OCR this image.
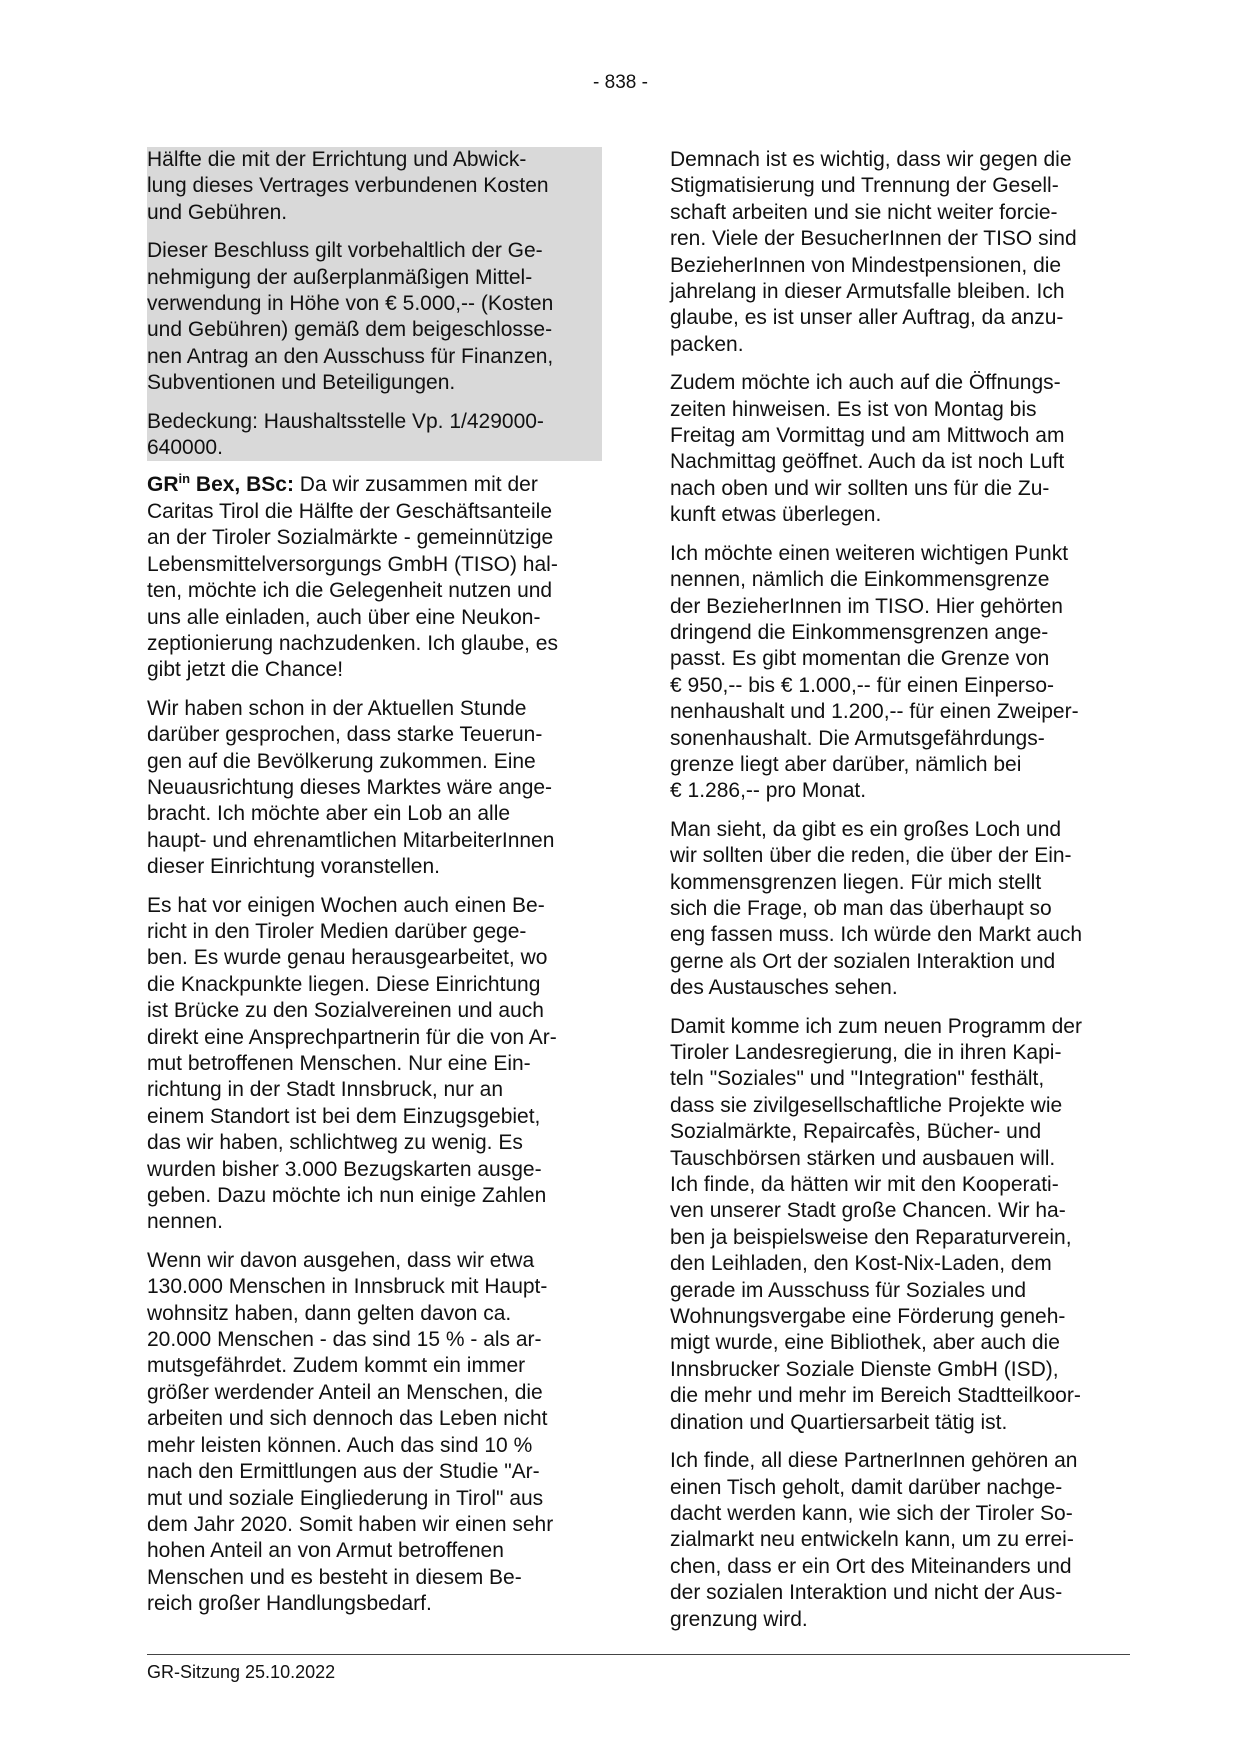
- 838 -

Hälfte die mit der Errichtung und Abwick-
lung dieses Vertrages verbundenen Kosten
und Gebühren.

Dieser Beschluss gilt vorbehaltlich der Ge-
nehmigung der außerplanmäßigen Mittel-
verwendung in Höhe von € 5.000,-- (Kosten
und Gebühren) gemäß dem beigeschlosse-
nen Antrag an den Ausschuss für Finanzen,
Subventionen und Beteiligungen.

Bedeckung: Haushaltsstelle Vp. 1/429000-
640000.

$GR^{in}$ Bex, BSc: Da wir zusammen mit der
Caritas Tirol die Hälfte der Geschäftsanteile
an der Tiroler Sozialmärkte - gemeinnützige
Lebensmittelversorgungs GmbH (TISO) hal-
ten, möchte ich die Gelegenheit nutzen und
uns alle einladen, auch über eine Neukon-
zeptionierung nachzudenken. Ich glaube, es
gibt jetzt die Chance!

Wir haben schon in der Aktuellen Stunde
darüber gesprochen, dass starke Teuerun-
gen auf die Bevölkerung zukommen. Eine
Neuausrichtung dieses Marktes wäre ange-
bracht. Ich möchte aber ein Lob an alle
haupt- und ehrenamtlichen MitarbeiterInnen
dieser Einrichtung voranstellen.

Es hat vor einigen Wochen auch einen Be-
richt in den Tiroler Medien darüber gege-
ben. Es wurde genau herausgearbeitet, wo
die Knackpunkte liegen. Diese Einrichtung
ist Brücke zu den Sozialvereinen und auch
direkt eine Ansprechpartnerin für die von Ar-
mut betroffenen Menschen. Nur eine Ein-
richtung in der Stadt Innsbruck, nur an
einem Standort ist bei dem Einzugsgebiet,
das wir haben, schlichtweg zu wenig. Es
wurden bisher 3.000 Bezugskarten ausge-
geben. Dazu möchte ich nun einige Zahlen
nennen.

Wenn wir davon ausgehen, dass wir etwa
130.000 Menschen in Innsbruck mit Haupt-
wohnsitz haben, dann gelten davon ca.
20.000 Menschen - das sind 15 % - als ar-
mutsgefährdet. Zudem kommt ein immer
größer werdender Anteil an Menschen, die
arbeiten und sich dennoch das Leben nicht
mehr leisten können. Auch das sind 10 %
nach den Ermittlungen aus der Studie "Ar-
mut und soziale Eingliederung in Tirol" aus
dem Jahr 2020. Somit haben wir einen sehr
hohen Anteil an von Armut betroffenen
Menschen und es besteht in diesem Be-
reich großer Handlungsbedarf.

Demnach ist es wichtig, dass wir gegen die
Stigmatisierung und Trennung der Gesell-
schaft arbeiten und sie nicht weiter forcie-
ren. Viele der BesucherInnen der TISO sind
BezieherInnen von Mindestpensionen, die
jahrelang in dieser Armutsfalle bleiben. Ich
glaube, es ist unser aller Auftrag, da anzu-
packen.

Zudem möchte ich auch auf die Öffnungs-
zeiten hinweisen. Es ist von Montag bis
Freitag am Vormittag und am Mittwoch am
Nachmittag geöffnet. Auch da ist noch Luft
nach oben und wir sollten uns für die Zu-
kunft etwas überlegen.

Ich möchte einen weiteren wichtigen Punkt
nennen, nämlich die Einkommensgrenze
der BezieherInnen im TISO. Hier gehörten
dringend die Einkommensgrenzen ange-
passt. Es gibt momentan die Grenze von
€ 950,-- bis € 1.000,-- für einen Einperso-
nenhaushalt und 1.200,-- für einen Zweiper-
sonenhaushalt. Die Armutsgefährdungs-
grenze liegt aber darüber, nämlich bei
€ 1.286,-- pro Monat.

Man sieht, da gibt es ein großes Loch und
wir sollten über die reden, die über der Ein-
kommensgrenzen liegen. Für mich stellt
sich die Frage, ob man das überhaupt so
eng fassen muss. Ich würde den Markt auch
gerne als Ort der sozialen Interaktion und
des Austausches sehen.

Damit komme ich zum neuen Programm der
Tiroler Landesregierung, die in ihren Kapi-
teln "Soziales" und "Integration" festhält,
dass sie zivilgesellschaftliche Projekte wie
Sozialmärkte, Repaircafès, Bücher- und
Tauschbörsen stärken und ausbauen will.
Ich finde, da hätten wir mit den Kooperati-
ven unserer Stadt große Chancen. Wir ha-
ben ja beispielsweise den Reparaturverein,
den Leihladen, den Kost-Nix-Laden, dem
gerade im Ausschuss für Soziales und
Wohnungsvergabe eine Förderung geneh-
migt wurde, eine Bibliothek, aber auch die
Innsbrucker Soziale Dienste GmbH (ISD),
die mehr und mehr im Bereich Stadtteilkoor-
dination und Quartiersarbeit tätig ist.

Ich finde, all diese PartnerInnen gehören an
einen Tisch geholt, damit darüber nachge-
dacht werden kann, wie sich der Tiroler So-
zialmarkt neu entwickeln kann, um zu errei-
chen, dass er ein Ort des Miteinanders und
der sozialen Interaktion und nicht der Aus-
grenzung wird.

GR-Sitzung 25.10.2022
